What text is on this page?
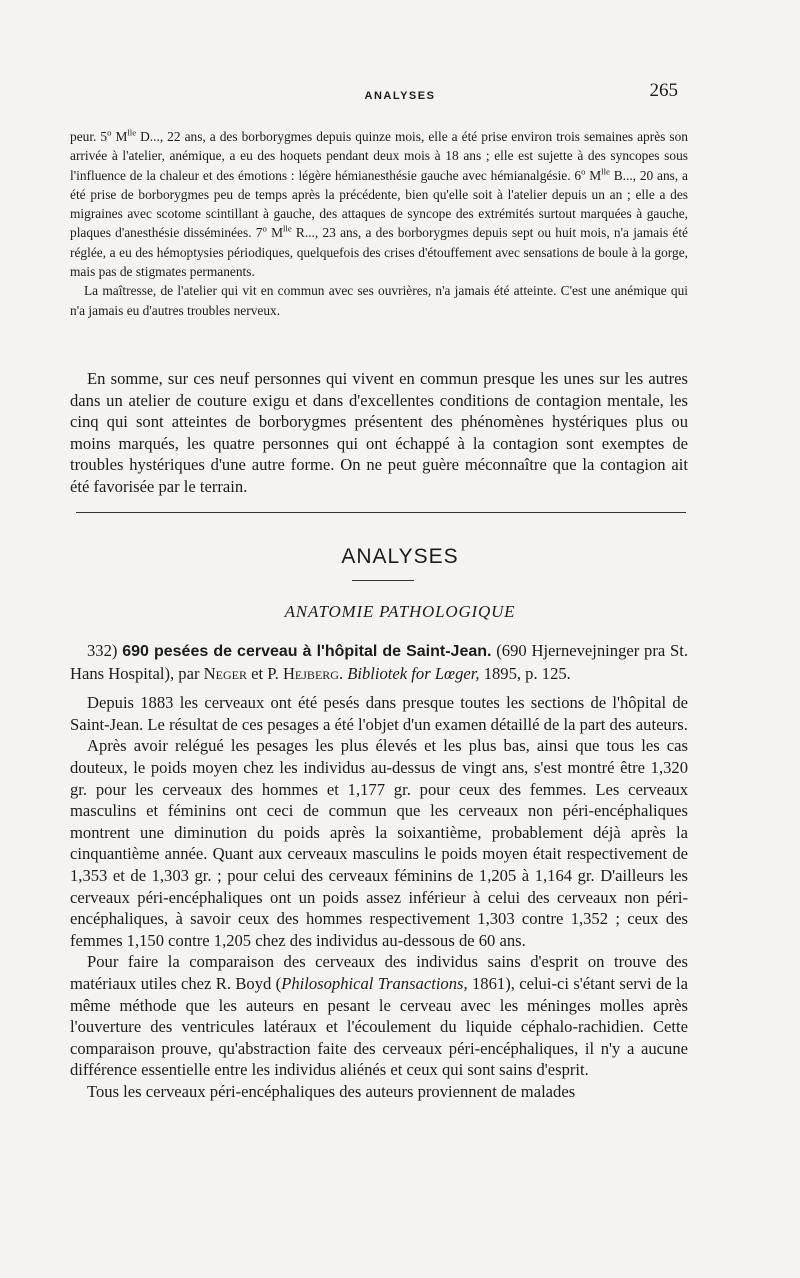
ANALYSES	265

peur. 5$^o$ $M^{lle}$ D..., 22 ans, a des borborygmes depuis quinze mois, elle a été prise environ trois semaines après son arrivée à l'atelier, anémique, a eu des hoquets pendant deux mois à 18 ans ; elle est sujette à des syncopes sous l'influence de la chaleur et des émotions : légère hémianesthésie gauche avec hémianalgésie. 6$^o$ $M^{lle}$ B..., 20 ans, a été prise de borborygmes peu de temps après la précédente, bien qu'elle soit à l'atelier depuis un an ; elle a des migraines avec scotome scintillant à gauche, des attaques de syncope des extrémités surtout marquées à gauche, plaques d'anesthésie disséminées. 7$^o$ $M^{lle}$ R..., 23 ans, a des borborygmes depuis sept ou huit mois, n'a jamais été réglée, a eu des hémoptysies périodiques, quelquefois des crises d'étouffement avec sensations de boule à la gorge, mais pas de stigmates permanents.

La maîtresse, de l'atelier qui vit en commun avec ses ouvrières, n'a jamais été atteinte. C'est une anémique qui n'a jamais eu d'autres troubles nerveux.

En somme, sur ces neuf personnes qui vivent en commun presque les unes sur les autres dans un atelier de couture exigu et dans d'excellentes conditions de contagion mentale, les cinq qui sont atteintes de borborygmes présentent des phénomènes hystériques plus ou moins marqués, les quatre personnes qui ont échappé à la contagion sont exemptes de troubles hystériques d'une autre forme. On ne peut guère méconnaître que la contagion ait été favorisée par le terrain.

ANALYSES
ANATOMIE PATHOLOGIQUE

332) 690 pesées de cerveau à l'hôpital de Saint-Jean. (690 Hjernevejninger pra St. Hans Hospital), par Neger et P. Hejberg. Bibliotek for Lœger, 1895, p. 125.

Depuis 1883 les cerveaux ont été pesés dans presque toutes les sections de l'hôpital de Saint-Jean. Le résultat de ces pesages a été l'objet d'un examen détaillé de la part des auteurs.

Après avoir relégué les pesages les plus élevés et les plus bas, ainsi que tous les cas douteux, le poids moyen chez les individus au-dessus de vingt ans, s'est montré être 1,320 gr. pour les cerveaux des hommes et 1,177 gr. pour ceux des femmes. Les cerveaux masculins et féminins ont ceci de commun que les cerveaux non péri-encéphaliques montrent une diminution du poids après la soixantième, probablement déjà après la cinquantième année. Quant aux cerveaux masculins le poids moyen était respectivement de 1,353 et de 1,303 gr. ; pour celui des cerveaux féminins de 1,205 à 1,164 gr. D'ailleurs les cerveaux péri-encéphaliques ont un poids assez inférieur à celui des cerveaux non péri-encéphaliques, à savoir ceux des hommes respectivement 1,303 contre 1,352 ; ceux des femmes 1,150 contre 1,205 chez des individus au-dessous de 60 ans.

Pour faire la comparaison des cerveaux des individus sains d'esprit on trouve des matériaux utiles chez R. Boyd (Philosophical Transactions, 1861), celui-ci s'étant servi de la même méthode que les auteurs en pesant le cerveau avec les méninges molles après l'ouverture des ventricules latéraux et l'écoulement du liquide céphalo-rachidien. Cette comparaison prouve, qu'abstraction faite des cerveaux péri-encéphaliques, il n'y a aucune différence essentielle entre les individus aliénés et ceux qui sont sains d'esprit.

Tous les cerveaux péri-encéphaliques des auteurs proviennent de malades
